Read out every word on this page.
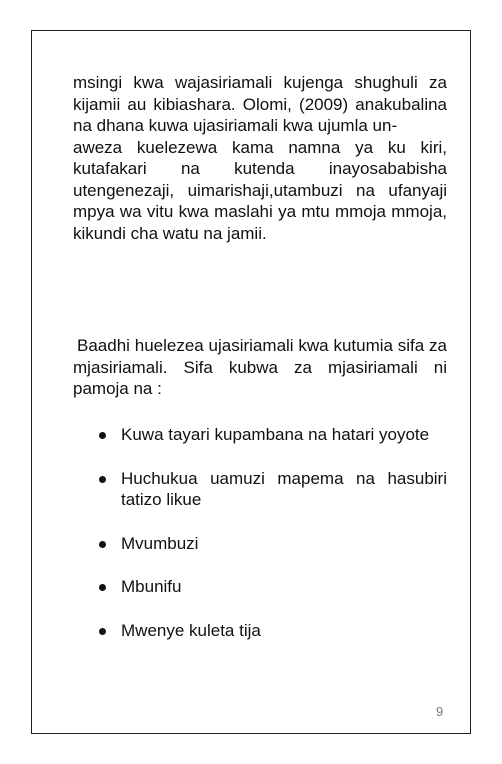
msingi kwa wajasiriamali kujenga shughuli za kijamii au kibiashara. Olomi, (2009) anakubalina na dhana kuwa ujasiriamali kwa ujumla un-

aweza kuelezewa kama namna ya ku kiri, kutafakari na kutenda inayosababisha utengenezaji, uimarishaji,utambuzi na ufanyaji mpya wa vitu kwa maslahi ya mtu mmoja mmoja, kikundi cha watu na jamii.

Baadhi huelezea ujasiriamali kwa kutumia sifa za mjasiriamali. Sifa kubwa za mjasiriamali ni pamoja na :

Kuwa tayari kupambana na hatari yoyote
Huchukua uamuzi mapema na hasubiri tatizo likue
Mvumbuzi
Mbunifu
Mwenye kuleta tija
9
